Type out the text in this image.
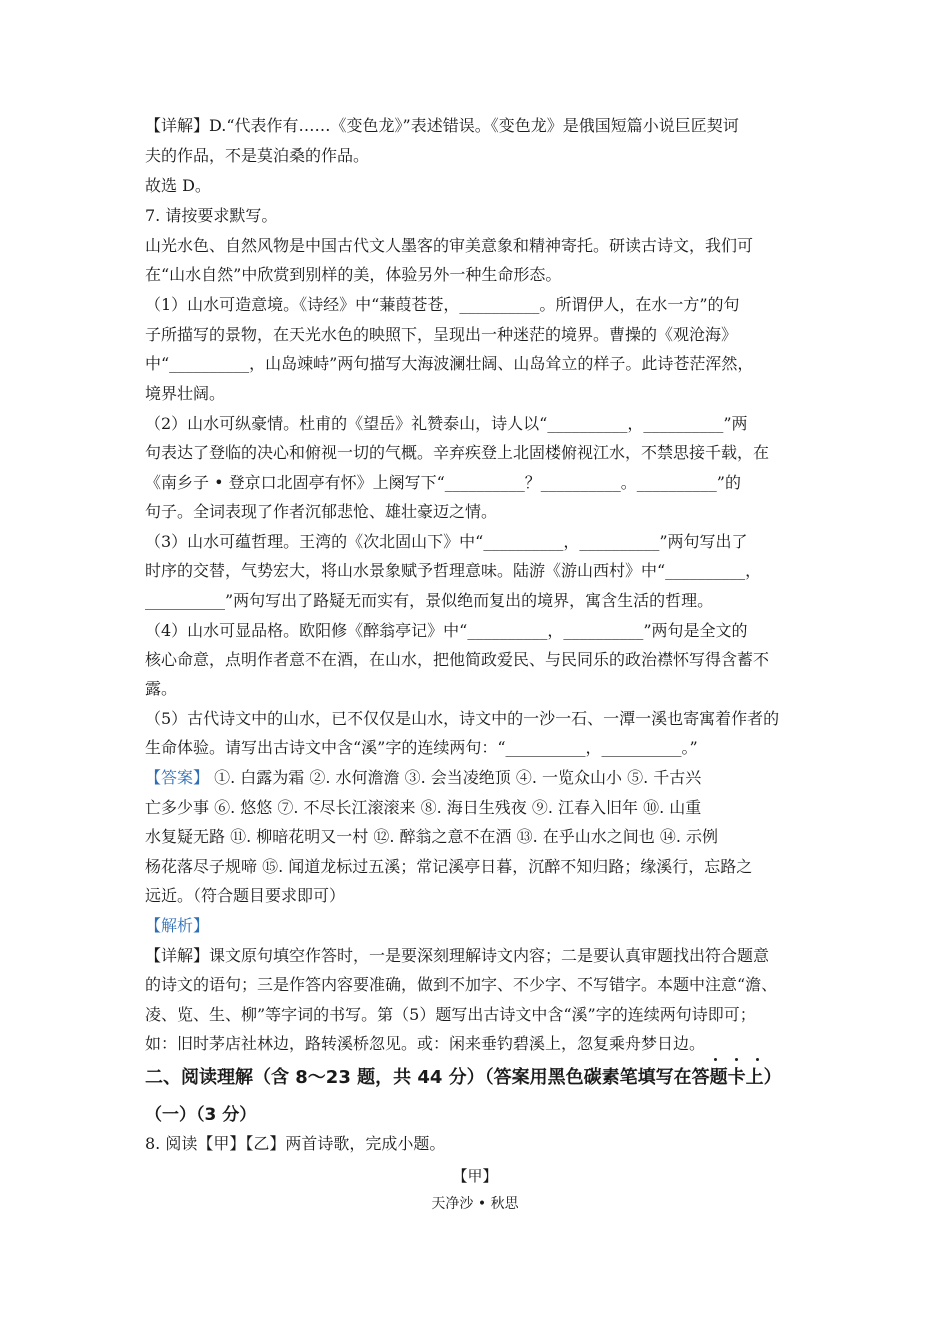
【详解】D.“代表作有……《变色龙》”表述错误。《变色龙》是俄国短篇小说巨匠契诃
夫的作品，不是莫泊桑的作品。
故选 D。
7. 请按要求默写。
山光水色、自然风物是中国古代文人墨客的审美意象和精神寄托。研读古诗文，我们可
在“山水自然”中欣赏到别样的美，体验另外一种生命形态。
（1）山水可造意境。《诗经》中“蒹葭苍苍，__________。所谓伊人，在水一方”的句
子所描写的景物，在天光水色的映照下，呈现出一种迷茫的境界。曹操的《观沧海》
中“__________，山岛竦峙”两句描写大海波澜壮阔、山岛耸立的样子。此诗苍茫浑然，
境界壮阔。
（2）山水可纵豪情。杜甫的《望岳》礼赞泰山，诗人以“__________，__________”两
句表达了登临的决心和俯视一切的气概。辛弃疾登上北固楼俯视江水，不禁思接千载，在
《南乡子 • 登京口北固亭有怀》上阕写下“__________？__________。__________”的
句子。全词表现了作者沉郁悲怆、雄壮豪迈之情。
（3）山水可蕴哲理。王湾的《次北固山下》中“__________，__________”两句写出了
时序的交替，气势宏大，将山水景象赋予哲理意味。陆游《游山西村》中“__________，
__________”两句写出了路疑无而实有，景似绝而复出的境界，寓含生活的哲理。
（4）山水可显品格。欧阳修《醉翁亭记》中“__________，__________”两句是全文的
核心命意，点明作者意不在酒，在山水，把他简政爱民、与民同乐的政治襟怀写得含蓄不
露。
（5）古代诗文中的山水，已不仅仅是山水，诗文中的一沙一石、一潭一溪也寄寓着作者的
生命体验。请写出古诗文中含“溪”字的连续两句：“__________，__________。”
【答案】 ①. 白露为霜 ②. 水何澹澹 ③. 会当凌绝顶 ④. 一览众山小 ⑤. 千古兴
亡多少事 ⑥. 悠悠 ⑦. 不尽长江滚滚来 ⑧. 海日生残夜 ⑨. 江春入旧年 ⑩. 山重
水复疑无路 ⑪. 柳暗花明又一村 ⑫. 醉翁之意不在酒 ⑬. 在乎山水之间也 ⑭. 示例
杨花落尽子规啼 ⑮. 闻道龙标过五溪；常记溪亭日暮，沉醉不知归路；缘溪行，忘路之
远近。（符合题目要求即可）
【解析】
【详解】课文原句填空作答时，一是要深刻理解诗文内容；二是要认真审题找出符合题意
的诗文的语句；三是作答内容要准确，做到不加字、不少字、不写错字。本题中注意“澹、
凌、览、生、柳”等字词的书写。第（5）题写出古诗文中含“溪”字的连续两句诗即可；
如：旧时茅店社林边，路转溪桥忽见。或：闲来垂钓碧溪上，忽复乘舟梦日边。
二、阅读理解（含 8～23 题，共 44 分）（答案用黑色碳素笔填写在答题卡上）
（一）（3 分）
8. 阅读【甲】【乙】两首诗歌，完成小题。
【甲】
天净沙 • 秋思
